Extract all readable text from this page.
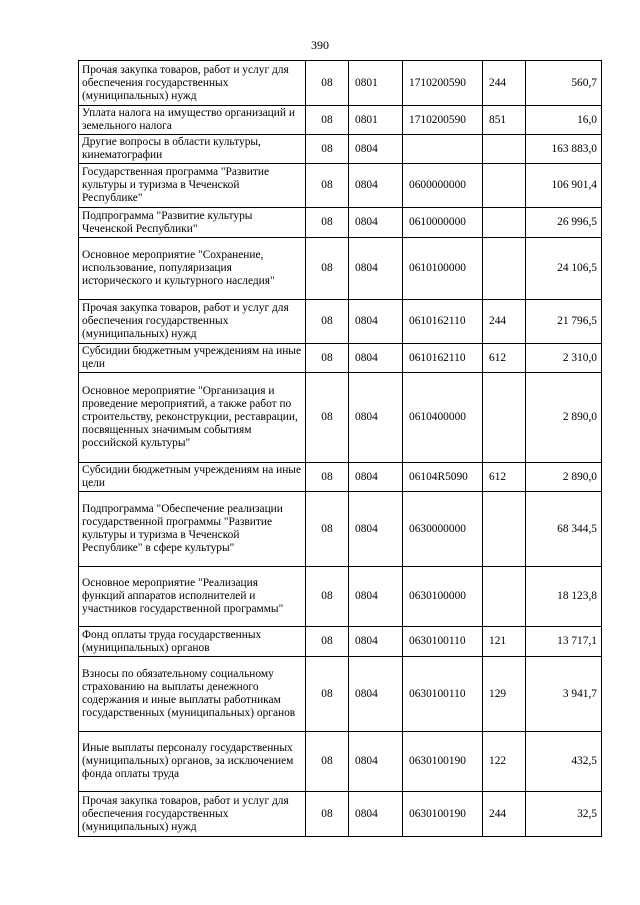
390
Прочая закупка товаров, работ и услуг для обеспечения государственных (муниципальных) нужд	08	0801	1710200590	244	560,7
Уплата налога на имущество организаций и земельного налога	08	0801	1710200590	851	16,0
Другие вопросы в области культуры, кинематографии	08	0804			163 883,0
Государственная программа "Развитие культуры и туризма в Чеченской Республике"	08	0804	0600000000		106 901,4
Подпрограмма "Развитие культуры Чеченской Республики"	08	0804	0610000000		26 996,5
Основное мероприятие "Сохранение, использование, популяризация исторического и культурного наследия"	08	0804	0610100000		24 106,5
Прочая закупка товаров, работ и услуг для обеспечения государственных (муниципальных) нужд	08	0804	0610162110	244	21 796,5
Субсидии бюджетным учреждениям на иные цели	08	0804	0610162110	612	2 310,0
Основное мероприятие "Организация и проведение мероприятий, а также работ по строительству, реконструкции, реставрации, посвященных значимым событиям российской культуры"	08	0804	0610400000		2 890,0
Субсидии бюджетным учреждениям на иные цели	08	0804	06104R5090	612	2 890,0
Подпрограмма "Обеспечение реализации государственной программы "Развитие культуры и туризма в Чеченской Республике" в сфере культуры"	08	0804	0630000000		68 344,5
Основное мероприятие "Реализация функций аппаратов исполнителей и участников государственной программы"	08	0804	0630100000		18 123,8
Фонд оплаты труда государственных (муниципальных) органов	08	0804	0630100110	121	13 717,1
Взносы по обязательному социальному страхованию на выплаты денежного содержания и иные выплаты работникам государственных (муниципальных) органов	08	0804	0630100110	129	3 941,7
Иные выплаты персоналу государственных (муниципальных) органов, за исключением фонда оплаты труда	08	0804	0630100190	122	432,5
Прочая закупка товаров, работ и услуг для обеспечения государственных (муниципальных) нужд	08	0804	0630100190	244	32,5
